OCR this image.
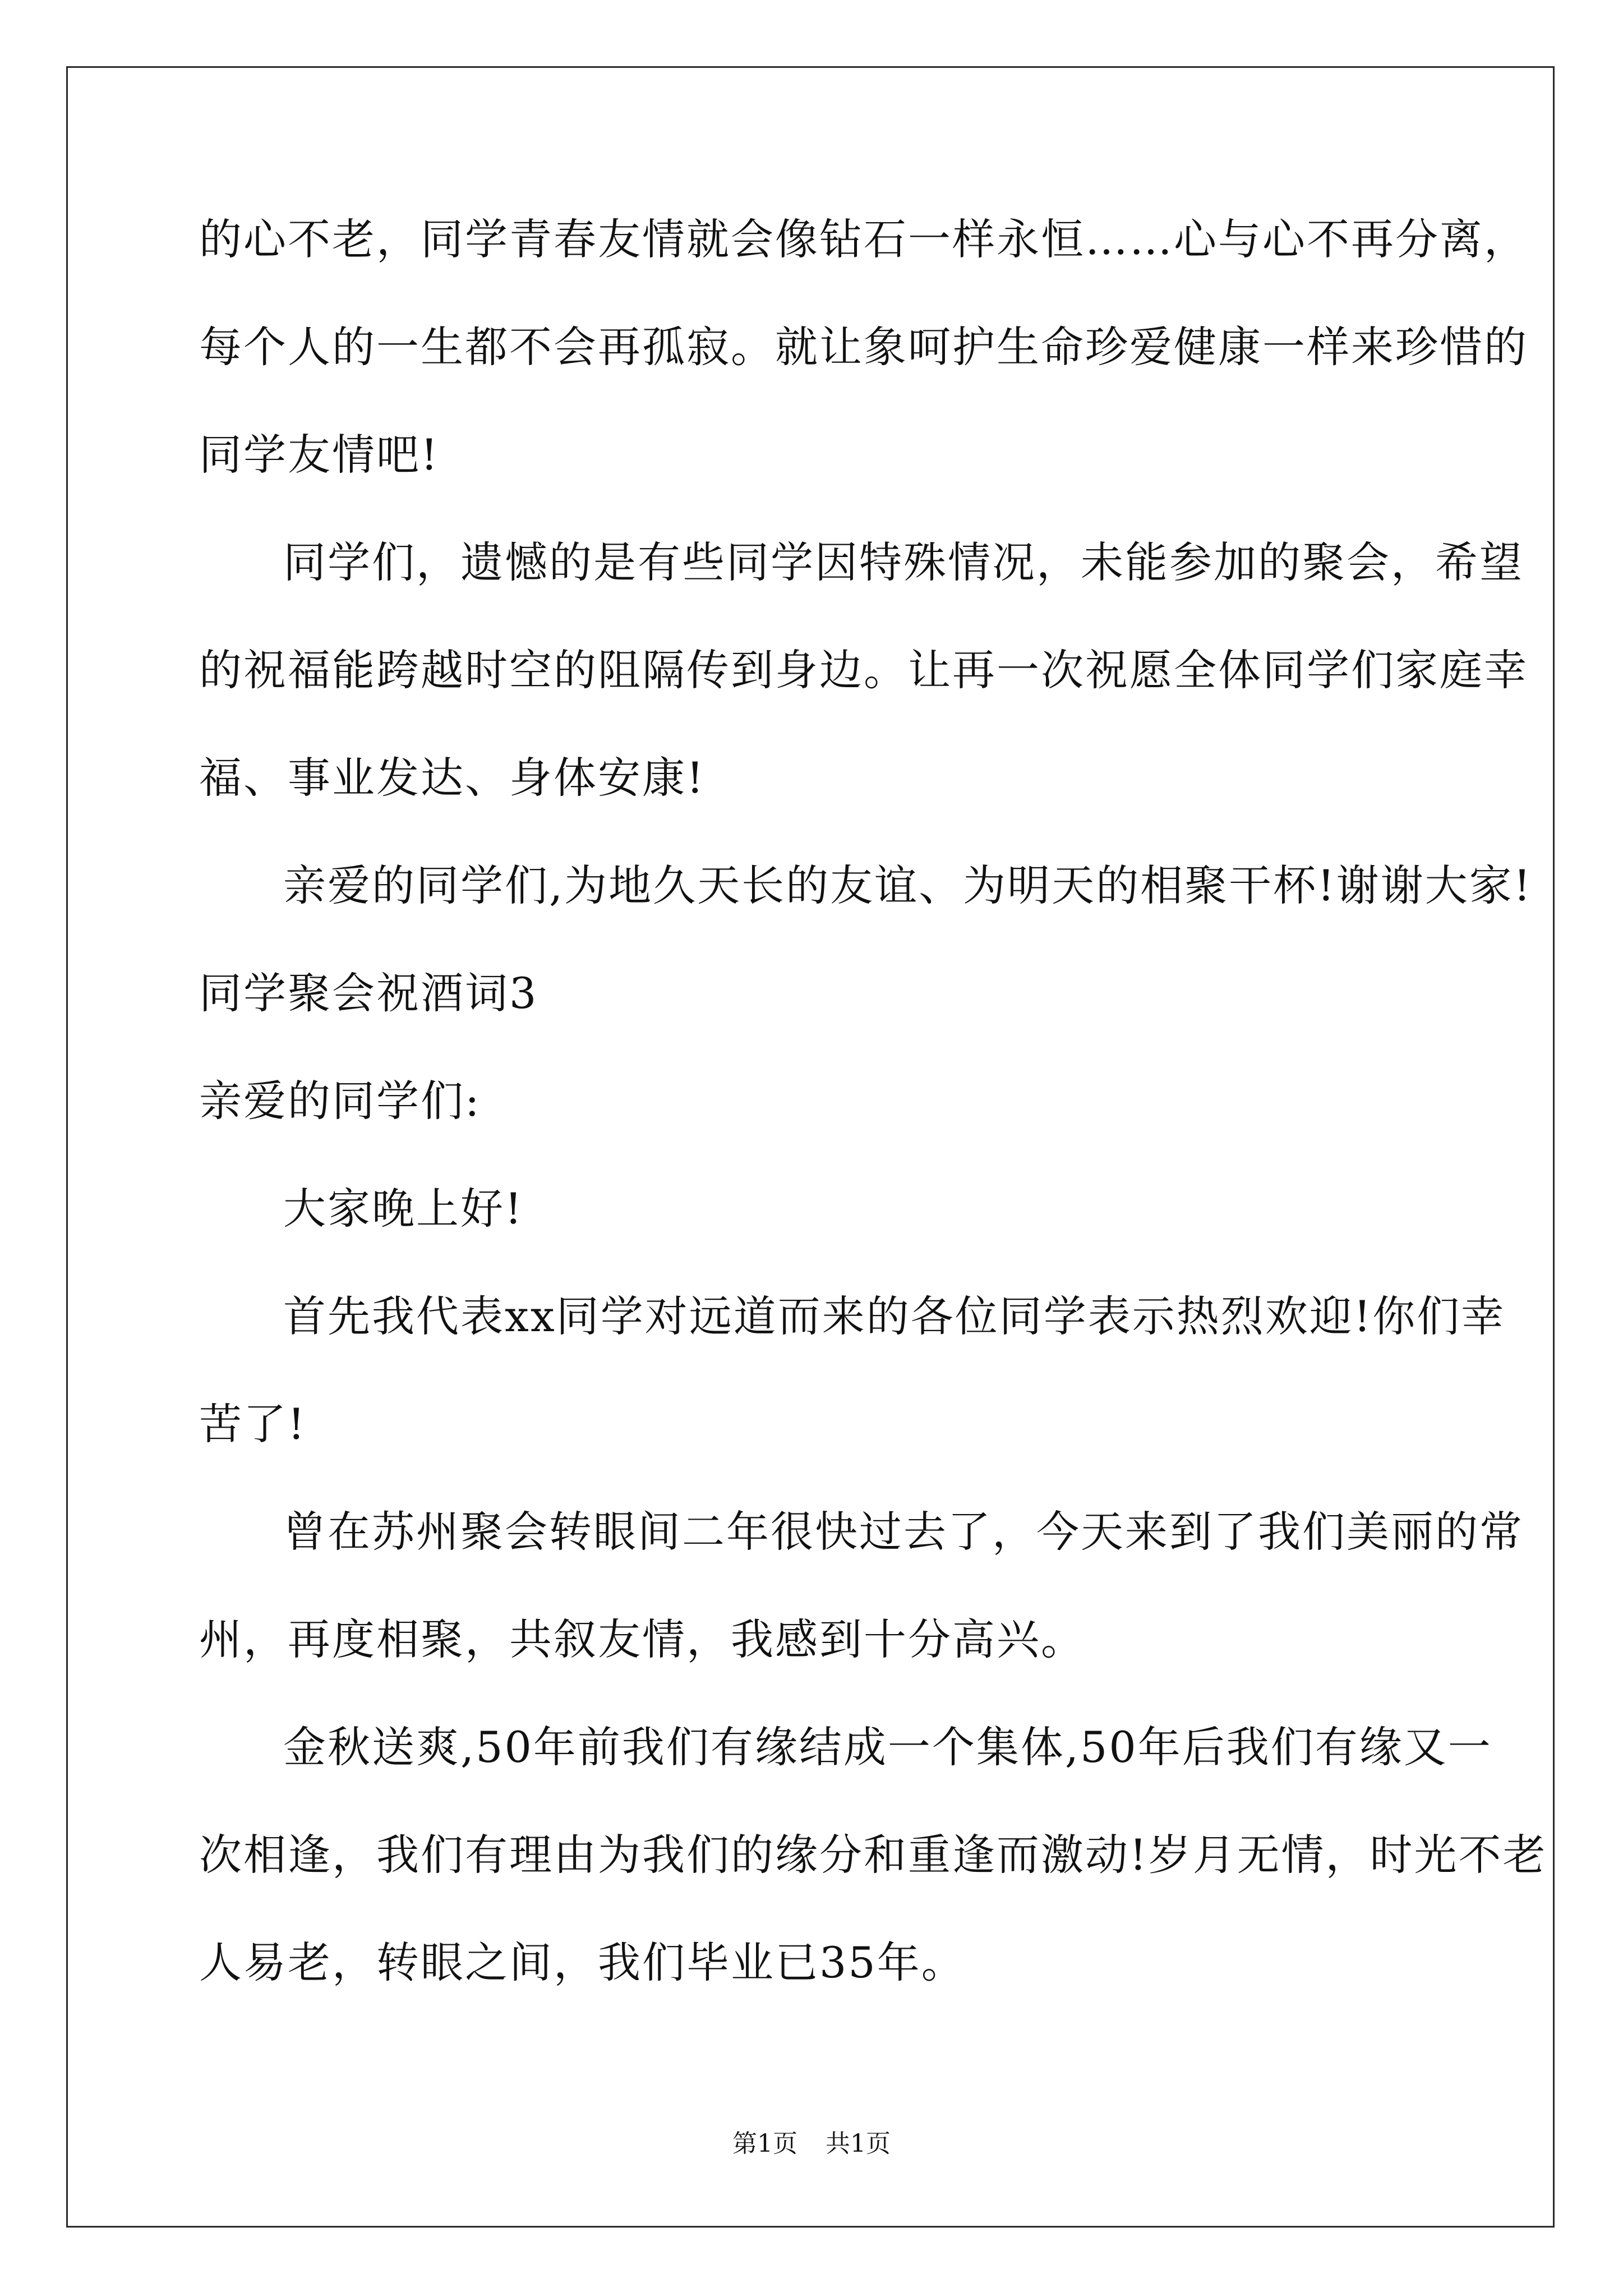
的心不老，同学青春友情就会像钻石一样永恒……心与心不再分离，
每个人的一生都不会再孤寂。就让象呵护生命珍爱健康一样来珍惜的
同学友情吧!
同学们，遗憾的是有些同学因特殊情况，未能参加的聚会，希望
的祝福能跨越时空的阻隔传到身边。让再一次祝愿全体同学们家庭幸
福、事业发达、身体安康!
亲爱的同学们,为地久天长的友谊、为明天的相聚干杯!谢谢大家!
同学聚会祝酒词3
亲爱的同学们:
大家晚上好!
首先我代表xx同学对远道而来的各位同学表示热烈欢迎!你们幸
苦了!
曾在苏州聚会转眼间二年很快过去了，今天来到了我们美丽的常
州，再度相聚，共叙友情，我感到十分高兴。
金秋送爽,50年前我们有缘结成一个集体,50年后我们有缘又一
次相逢，我们有理由为我们的缘分和重逢而激动!岁月无情，时光不老
人易老，转眼之间，我们毕业已35年。
第1页 共1页
